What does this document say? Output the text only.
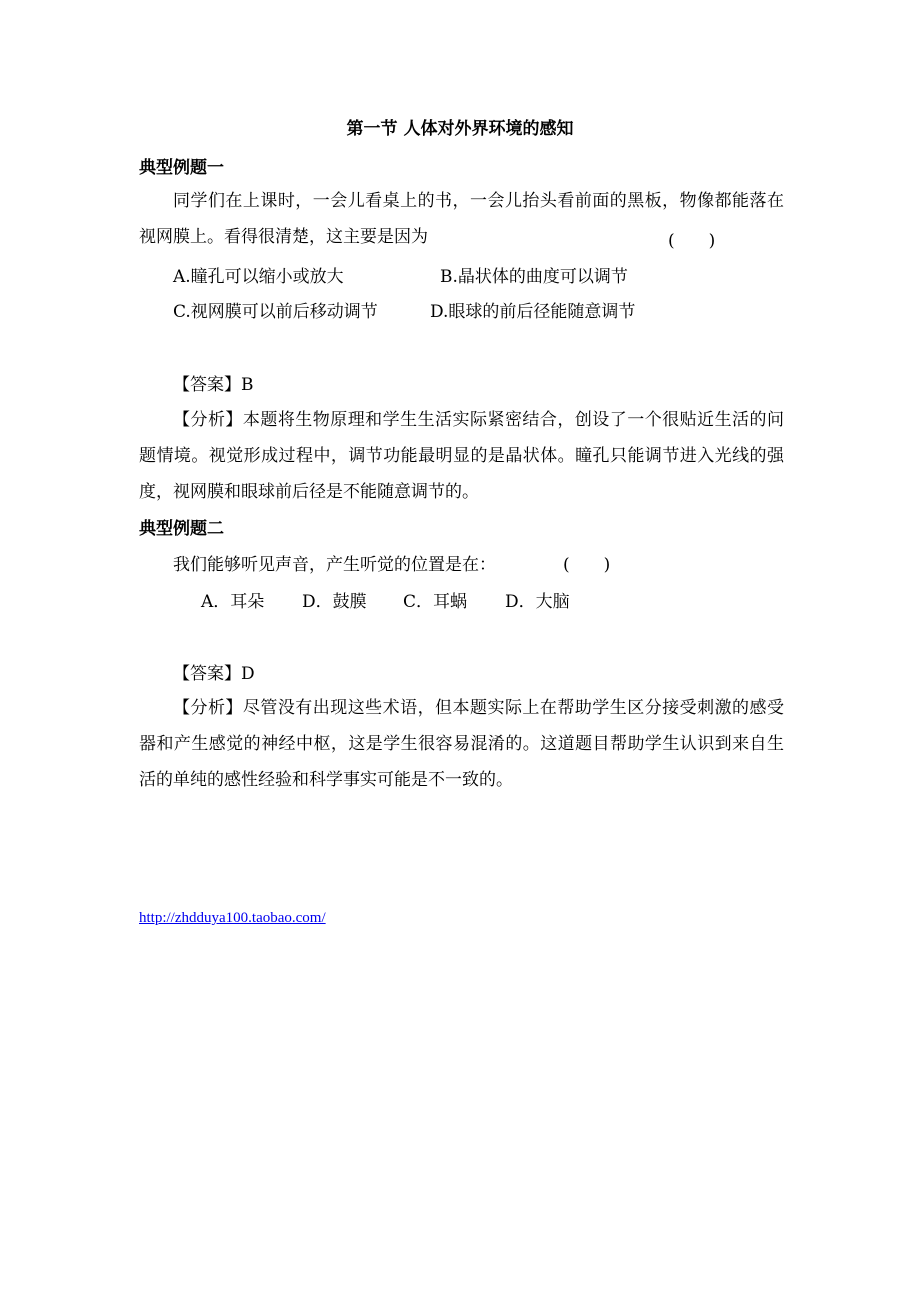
第一节 人体对外界环境的感知
典型例题一
同学们在上课时，一会儿看桌上的书，一会儿抬头看前面的黑板，物像都能落在视网膜上。看得很清楚，这主要是因为	(　　)
A.瞳孔可以缩小或放大	B.晶状体的曲度可以调节
C.视网膜可以前后移动调节	D.眼球的前后径能随意调节
【答案】B
【分析】本题将生物原理和学生生活实际紧密结合，创设了一个很贴近生活的问题情境。视觉形成过程中，调节功能最明显的是晶状体。瞳孔只能调节进入光线的强度，视网膜和眼球前后径是不能随意调节的。
典型例题二
我们能够听见声音，产生听觉的位置是在：	(　　)
A．耳朵 D．鼓膜 C．耳蜗 D．大脑
【答案】D
【分析】尽管没有出现这些术语，但本题实际上在帮助学生区分接受刺激的感受器和产生感觉的神经中枢，这是学生很容易混淆的。这道题目帮助学生认识到来自生活的单纯的感性经验和科学事实可能是不一致的。
http://zhdduya100.taobao.com/
